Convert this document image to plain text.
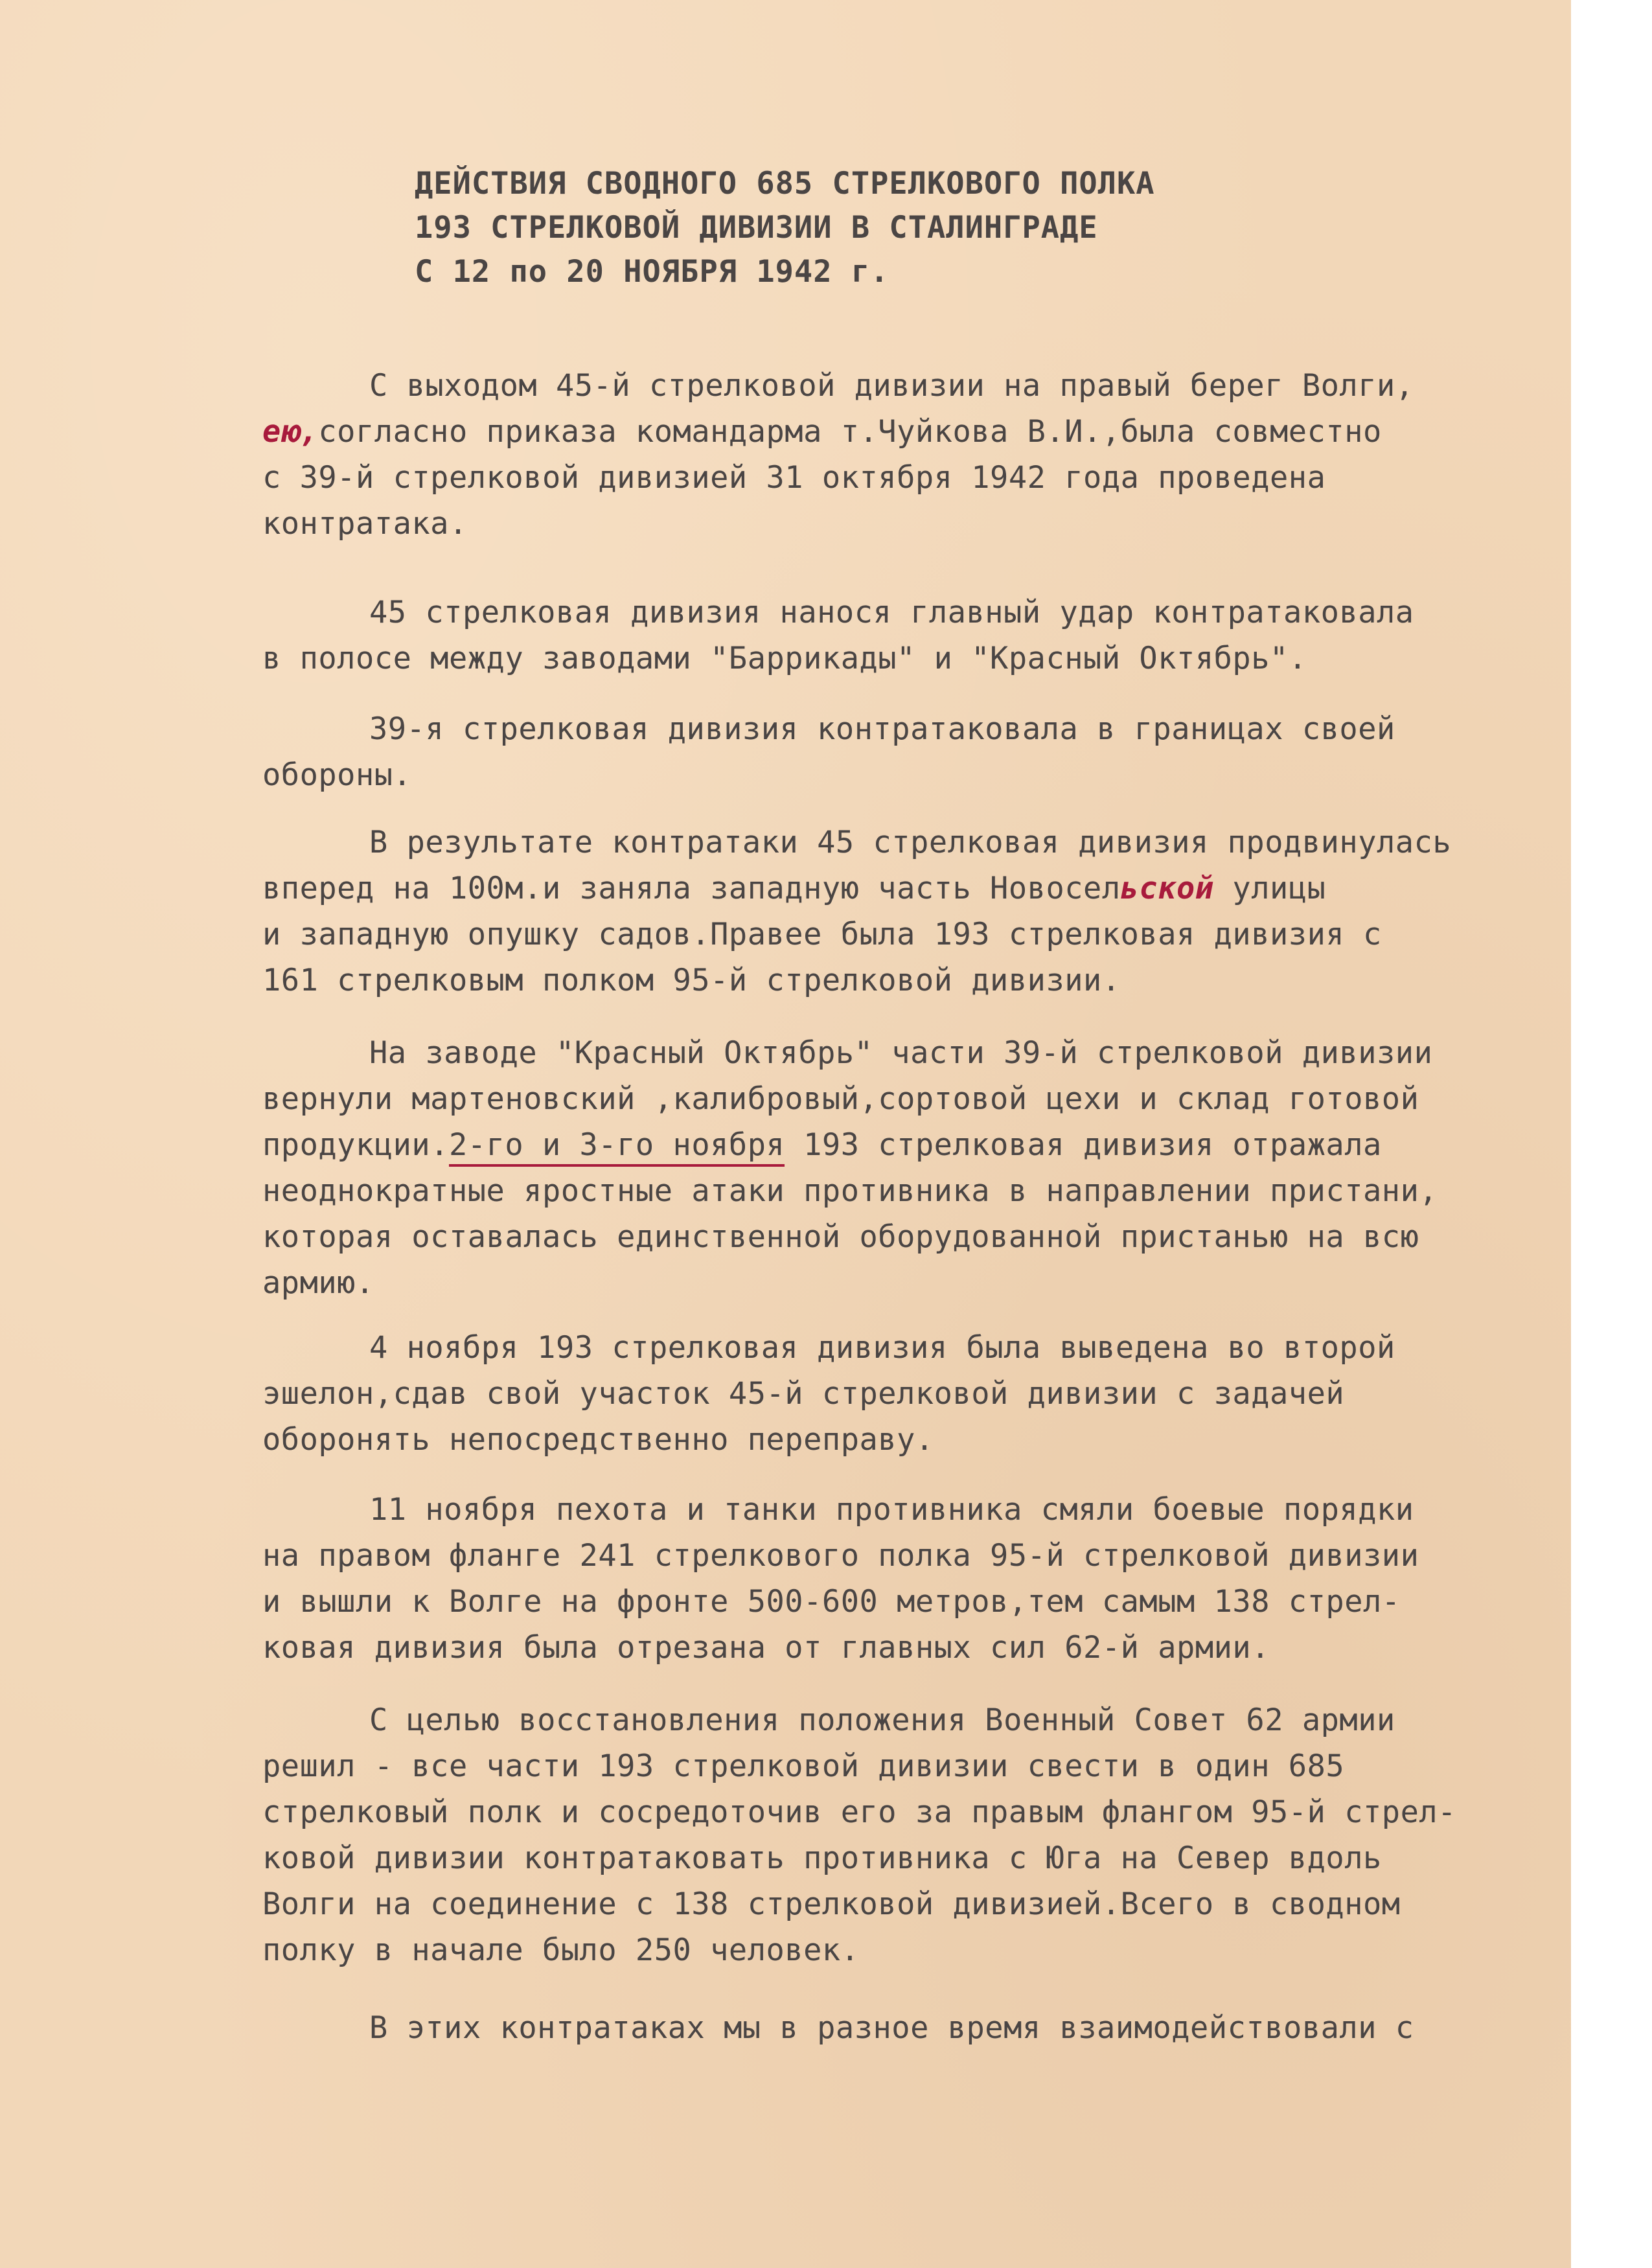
ДЕЙСТВИЯ СВОДНОГО 685 СТРЕЛКОВОГО ПОЛКА
193 СТРЕЛКОВОЙ ДИВИЗИИ В СТАЛИНГРАДЕ
С 12 по 20 НОЯБРЯ 1942 г.
С выходом 45-й стрелковой дивизии на правый берег Волги,
ею,согласно приказа командарма т.Чуйкова В.И.,была совместно
с 39-й стрелковой дивизией 31 октября 1942 года проведена
контратака.
45 стрелковая дивизия нанося главный удар контратаковала
в полосе между заводами "Баррикады" и "Красный Октябрь".
39-я стрелковая дивизия контратаковала в границах своей
обороны.
В результате контратаки 45 стрелковая дивизия продвинулась
вперед на 100м.и заняла западную часть Новосельской улицы
и западную опушку садов.Правее была 193 стрелковая дивизия с
161 стрелковым полком 95-й стрелковой дивизии.
На заводе "Красный Октябрь" части 39-й стрелковой дивизии
вернули мартеновский ,калибровый,сортовой цехи и склад готовой
продукции.2-го и 3-го ноября 193 стрелковая дивизия отражала
неоднократные яростные атаки противника в направлении пристани,
которая оставалась единственной оборудованной пристанью на всю
армию.
4 ноября 193 стрелковая дивизия была выведена во второй
эшелон,сдав свой участок 45-й стрелковой дивизии с задачей
оборонять непосредственно переправу.
11 ноября пехота и танки противника смяли боевые порядки
на правом фланге 241 стрелкового полка 95-й стрелковой дивизии
и вышли к Волге на фронте 500-600 метров,тем самым 138 стрел-
ковая дивизия была отрезана от главных сил 62-й армии.
С целью восстановления положения Военный Совет 62 армии
решил - все части 193 стрелковой дивизии свести в один 685
стрелковый полк и сосредоточив его за правым флангом 95-й стрел-
ковой дивизии контратаковать противника с Юга на Север вдоль
Волги на соединение с 138 стрелковой дивизией.Всего в сводном
полку в начале было 250 человек.
В этих контратаках мы в разное время взаимодействовали с
